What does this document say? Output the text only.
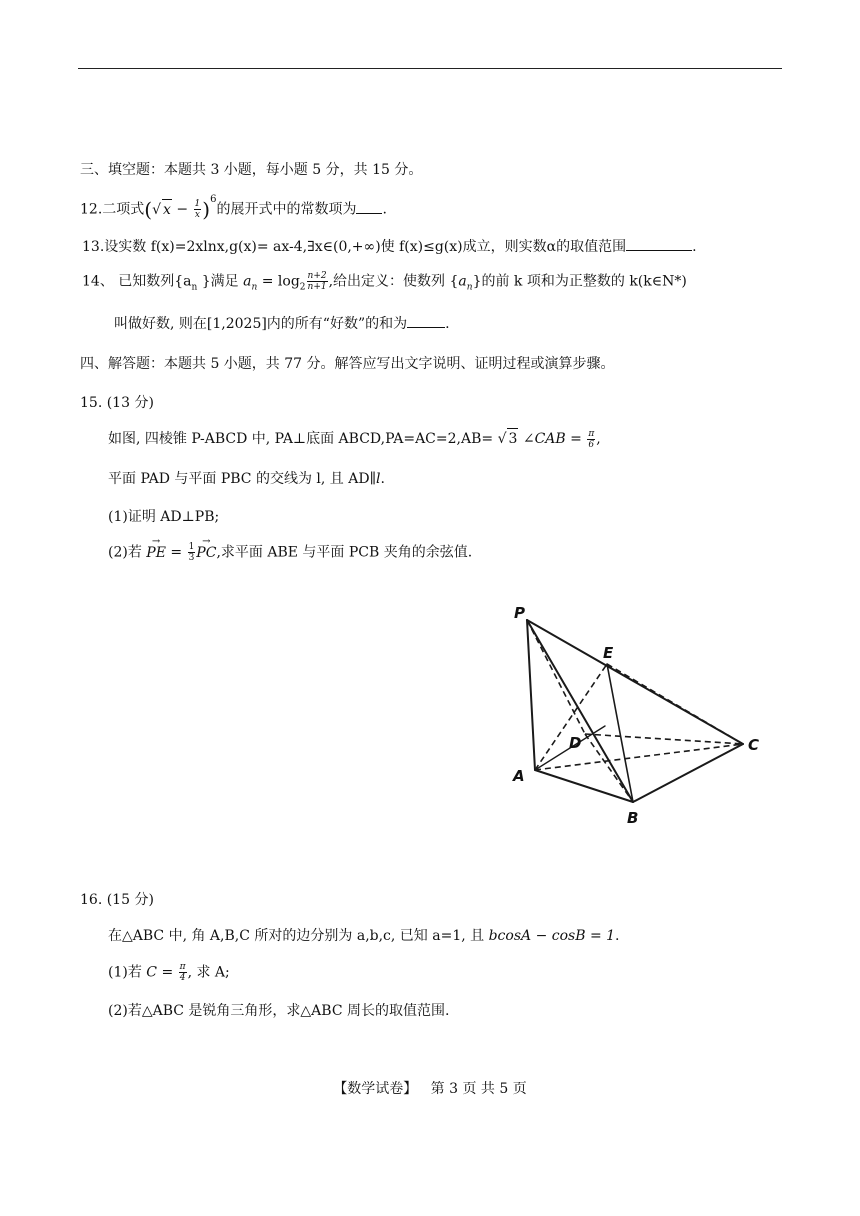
三、填空题：本题共 3 小题，每小题 5 分，共 15 分。
12.二项式(√ $x - \frac{1}{x} )^6$的展开式中的常数项为 .
13.设实数 f(x)=2xlnx,g(x)= ax-4,∃x∈(0,+∞)使 f(x)≤g(x)成立，则实数α的取值范围	.
14、 已知数列{$a_n$ }满足 $a_n = \log_2 \frac{n+2}{n+1}$ ,给出定义：使数列 $\{a_n\}$的前 k 项和为正整数的 k(k∈N*)
叫做好数, 则在[1,2025]内的所有“好数”的和为	.
四、解答题：本题共 5 小题，共 77 分。解答应写出文字说明、证明过程或演算步骤。
15. (13 分)
如图, 四棱锥 P-ABCD 中, PA⊥底面 ABCD,PA=AC=2,AB= √ 3 ∠CAB = $\frac{\pi}{6}$ ,
平面 PAD 与平面 PBC 的交线为 l, 且 AD∥l.
(1)证明 AD⊥PB;
(2)若 → PE = $\frac{1}{3}$
→ PC,求平面 ABE 与平面 PCB 夹角的余弦值.
P
E
D
A
B
C
16. (15 分)
在△ABC 中, 角 A,B,C 所对的边分别为 a,b,c, 已知 a=1, 且 bcosA − cosB = 1.
(1)若 $C = \frac{\pi}{4}$ , 求 A;
(2)若△ABC 是锐角三角形，求△ABC 周长的取值范围.
【数学试卷】 第 3 页 共 5 页
